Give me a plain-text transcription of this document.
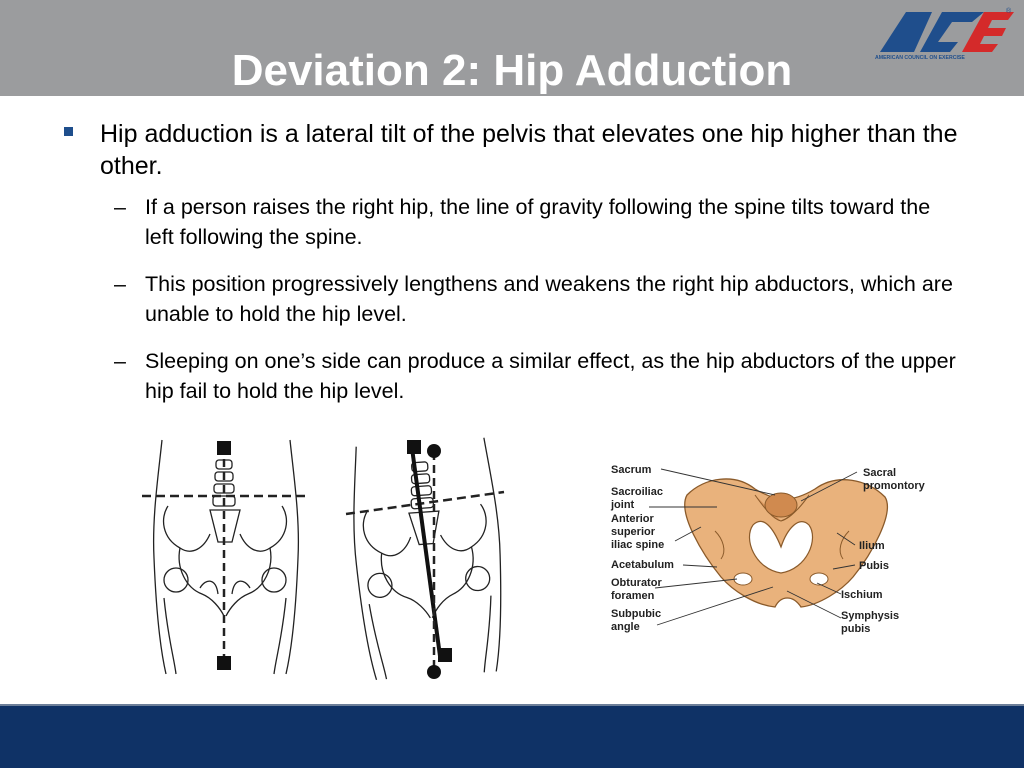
Deviation 2: Hip Adduction	AMERICAN COUNCIL ON EXERCISE
®
Hip adduction is a lateral tilt of the pelvis that elevates one hip higher than the other.
– If a person raises the right hip, the line of gravity following the spine tilts toward the left following the spine.
– This position progressively lengthens and weakens the right hip abductors, which are unable to hold the hip level.
– Sleeping on one’s side can produce a similar effect, as the hip abductors of the upper hip fail to hold the hip level.
Sacrum
Sacroiliac
joint
Anterior
superior
iliac spine
Acetabulum
Obturator
foramen
Subpubic
angle
Sacral
promontory
Ilium
Pubis
Ischium
Symphysis
pubis
